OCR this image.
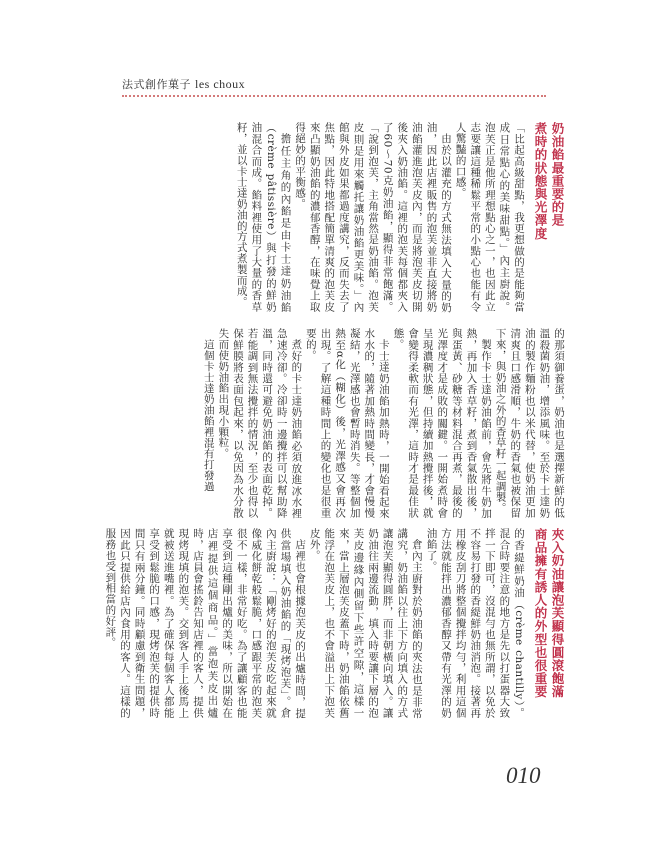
法式創作菓子 les choux
奶油餡最重要的是
煮時的狀態與光澤度

「比起高級甜點，我更想做的是能夠當成日常點心的美味甜點。」內主廚說。泡芙正是他所理想點心之一，也因此立志要讓這種稀鬆平常的小點心也能有令人驚豔的口感。

由於以灌充的方式無法填入大量的奶油，因此店裡販售的泡芙並非直接將奶油餡灌進泡芙皮內，而是將泡芙皮切開後夾入奶油餡。這裡的泡芙每個都夾入了60～70克奶油餡，顯得非常飽滿。「說到泡芙，主角當然是奶油餡。泡芙皮則是用來觸托讓奶油餡更美味。」內館與外皮如果都過度講究，反而失去了焦點，因此特地搭配簡單清爽的泡芙皮來凸顯奶油餡的濃郁香醇，在味覺上取得絕妙的平衡感。

擔任主角的內餡是由卡士達奶油餡（crème pâtissière）與打發的鮮奶油混合而成。餡料裡使用了大量的香草籽，並以卡士達奶油的方式煮製而成。

的那須御養蛋，奶油也是選擇新鮮的低溫殺菌奶油，增添風味。至於卡士達奶油的製作麵粉也以米代替，使奶油更加清爽且口感滑順，牛奶的香氣也被保留下來，與奶油之外的香草籽一起調製。

製作卡士達奶油餡前，會先將牛奶加熱，再加入香草籽，煮到香氣散出後，與蛋黃、砂糖等材料混合再煮，最後的光澤度才是成敗的關鍵。一開始煮時會呈現濃稠狀態，但持續加熱攪拌後，就會變得柔軟而有光澤，這時才是最佳狀態。

卡士達奶油餡加熱時，一開始看起來水水的，隨著加熱時間變長，才會慢慢凝結，光澤感也會暫時消失。等整個加熱至α化（糊化）後，光澤感又會再次出現。了解這種時間上的變化也是很重要的。

煮好的卡士達奶油餡必須放進冰水裡急速冷卻。冷卻時一邊攪拌可以幫助降溫，同時還可避免奶油餡的表面乾掉。若能調到無法攪拌的情況，至少也得以保鮮膜將表面包起來，以免因為水分散失而使奶油餡出現小顆粒。

這個卡士達奶油餡裡混有打發過

夾入奶油讓泡芙顯得圓滾飽滿
商品擁有誘人的外型也很重要

的香緹鮮奶油（crème chantilly）。混合時要注意的地方是先以打蛋器大致拌一下即可，沒混勻也無所謂，以免於不容易打發的香緹鮮奶油消泡。接著再用橡皮刮刀將整個攪拌均勻，利用這個方法就能拌出濃郁香醇又帶有光澤的奶油餡了。

倉內主廚對於奶油餡的夾法也是非常講究，奶油餡以往上下方向填入的方式讓泡芙顯得圓胖，而非朝橫向填入。讓奶油往兩邊流動，填入時要讓下層的泡芙皮邊緣內側留下些許空隙，這樣一來，當上層泡芙皮蓋下時，奶油餡依舊能浮在泡芙皮上，也不會溢出上下泡芙皮外。

店裡也會根據泡芙皮的出爐時間，提供當場填入奶油餡的「現烤泡芙」。倉內主廚說：「剛烤好的泡芙皮吃起來就像威化餅乾般鬆脆，口感跟平常的泡芙很不一樣，非常好吃。為了讓顧客也能享受到這種剛出爐的美味，所以開始在店裡提供這個商品。」當泡芙皮出爐時，店員會搖鈴告知店裡的客人，提供現烤現填的泡芙。交到客人手上後馬上就被送進嘴裡。為了確保每個客人都能享受到鬆脆的口感，現烤泡芙的提供時間只有兩分鐘。同時顧慮到衛生問題，因此只提供給店內食用的客人。這樣的服務也受到相當的好評。

010
